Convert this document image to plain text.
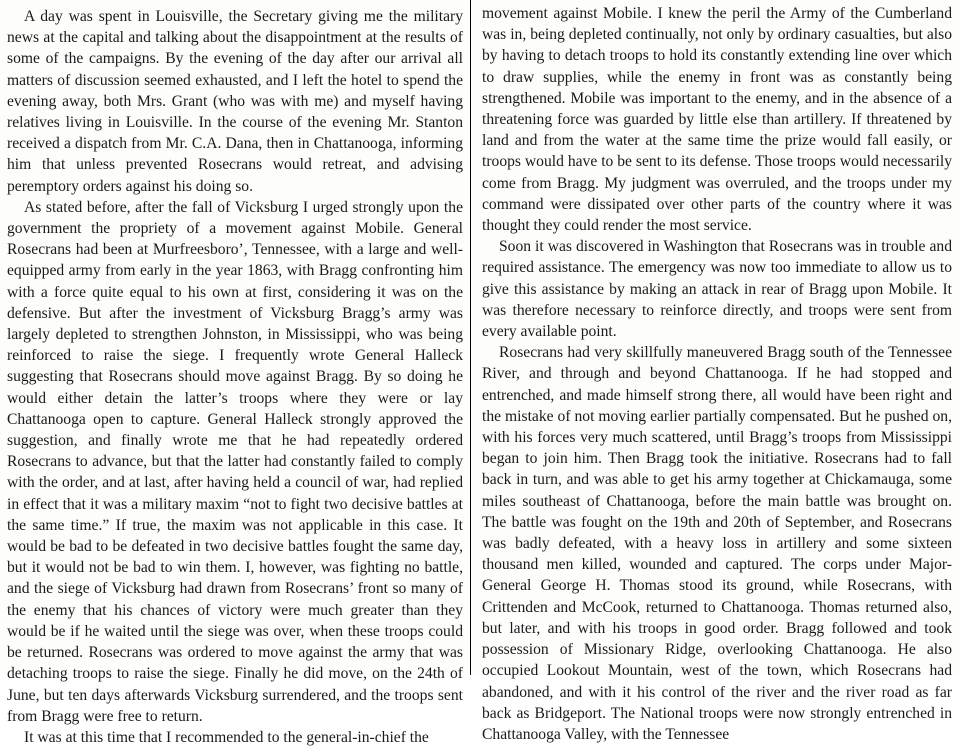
A day was spent in Louisville, the Secretary giving me the military news at the capital and talking about the disappointment at the results of some of the campaigns. By the evening of the day after our arrival all matters of discussion seemed exhausted, and I left the hotel to spend the evening away, both Mrs. Grant (who was with me) and myself having relatives living in Louisville. In the course of the evening Mr. Stanton received a dispatch from Mr. C.A. Dana, then in Chattanooga, informing him that unless prevented Rosecrans would retreat, and advising peremptory orders against his doing so.

As stated before, after the fall of Vicksburg I urged strongly upon the government the propriety of a movement against Mobile. General Rosecrans had been at Murfreesboro’, Tennessee, with a large and well-equipped army from early in the year 1863, with Bragg confronting him with a force quite equal to his own at first, considering it was on the defensive. But after the investment of Vicksburg Bragg’s army was largely depleted to strengthen Johnston, in Mississippi, who was being reinforced to raise the siege. I frequently wrote General Halleck suggesting that Rosecrans should move against Bragg. By so doing he would either detain the latter’s troops where they were or lay Chattanooga open to capture. General Halleck strongly approved the suggestion, and finally wrote me that he had repeatedly ordered Rosecrans to advance, but that the latter had constantly failed to comply with the order, and at last, after having held a council of war, had replied in effect that it was a military maxim “not to fight two decisive battles at the same time.” If true, the maxim was not applicable in this case. It would be bad to be defeated in two decisive battles fought the same day, but it would not be bad to win them. I, however, was fighting no battle, and the siege of Vicksburg had drawn from Rosecrans’ front so many of the enemy that his chances of victory were much greater than they would be if he waited until the siege was over, when these troops could be returned. Rosecrans was ordered to move against the army that was detaching troops to raise the siege. Finally he did move, on the 24th of June, but ten days afterwards Vicksburg surrendered, and the troops sent from Bragg were free to return.

It was at this time that I recommended to the general-in-chief the

movement against Mobile. I knew the peril the Army of the Cumberland was in, being depleted continually, not only by ordinary casualties, but also by having to detach troops to hold its constantly extending line over which to draw supplies, while the enemy in front was as constantly being strengthened. Mobile was important to the enemy, and in the absence of a threatening force was guarded by little else than artillery. If threatened by land and from the water at the same time the prize would fall easily, or troops would have to be sent to its defense. Those troops would necessarily come from Bragg. My judgment was overruled, and the troops under my command were dissipated over other parts of the country where it was thought they could render the most service.

Soon it was discovered in Washington that Rosecrans was in trouble and required assistance. The emergency was now too immediate to allow us to give this assistance by making an attack in rear of Bragg upon Mobile. It was therefore necessary to reinforce directly, and troops were sent from every available point.

Rosecrans had very skillfully maneuvered Bragg south of the Tennessee River, and through and beyond Chattanooga. If he had stopped and entrenched, and made himself strong there, all would have been right and the mistake of not moving earlier partially compensated. But he pushed on, with his forces very much scattered, until Bragg’s troops from Mississippi began to join him. Then Bragg took the initiative. Rosecrans had to fall back in turn, and was able to get his army together at Chickamauga, some miles southeast of Chattanooga, before the main battle was brought on. The battle was fought on the 19th and 20th of September, and Rosecrans was badly defeated, with a heavy loss in artillery and some sixteen thousand men killed, wounded and captured. The corps under Major-General George H. Thomas stood its ground, while Rosecrans, with Crittenden and McCook, returned to Chattanooga. Thomas returned also, but later, and with his troops in good order. Bragg followed and took possession of Missionary Ridge, overlooking Chattanooga. He also occupied Lookout Mountain, west of the town, which Rosecrans had abandoned, and with it his control of the river and the river road as far back as Bridgeport. The National troops were now strongly entrenched in Chattanooga Valley, with the Tennessee
